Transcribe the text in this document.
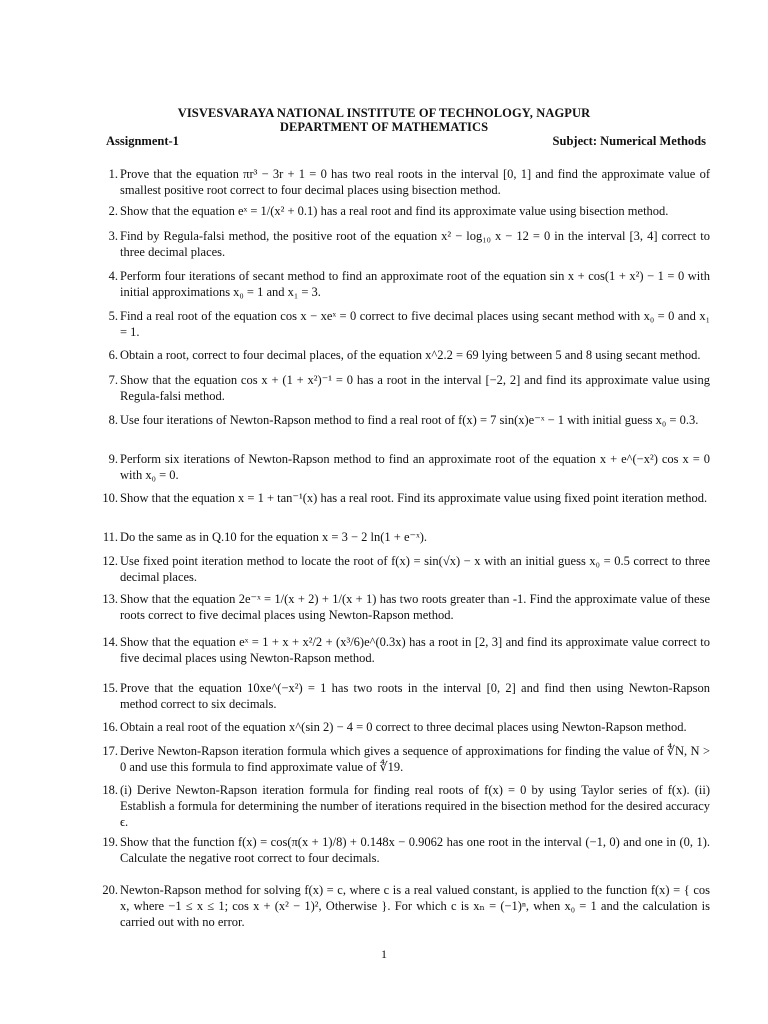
VISVESVARAYA NATIONAL INSTITUTE OF TECHNOLOGY, NAGPUR
DEPARTMENT OF MATHEMATICS
Assignment-1	Subject: Numerical Methods
1. Prove that the equation πr³ − 3r + 1 = 0 has two real roots in the interval [0, 1] and find the approximate value of smallest positive root correct to four decimal places using bisection method.
2. Show that the equation eˣ = 1/(x² + 0.1) has a real root and find its approximate value using bisection method.
3. Find by Regula-falsi method, the positive root of the equation x² − log₁₀ x − 12 = 0 in the interval [3, 4] correct to three decimal places.
4. Perform four iterations of secant method to find an approximate root of the equation sin x + cos(1 + x²) − 1 = 0 with initial approximations x₀ = 1 and x₁ = 3.
5. Find a real root of the equation cos x − xeˣ = 0 correct to five decimal places using secant method with x₀ = 0 and x₁ = 1.
6. Obtain a root, correct to four decimal places, of the equation x^2.2 = 69 lying between 5 and 8 using secant method.
7. Show that the equation cos x + (1 + x²)⁻¹ = 0 has a root in the interval [−2, 2] and find its approximate value using Regula-falsi method.
8. Use four iterations of Newton-Rapson method to find a real root of f(x) = 7 sin(x)e⁻ˣ − 1 with initial guess x₀ = 0.3.
9. Perform six iterations of Newton-Rapson method to find an approximate root of the equation x + e^(−x²) cos x = 0 with x₀ = 0.
10. Show that the equation x = 1 + tan⁻¹(x) has a real root. Find its approximate value using fixed point iteration method.
11. Do the same as in Q.10 for the equation x = 3 − 2 ln(1 + e⁻ˣ).
12. Use fixed point iteration method to locate the root of f(x) = sin(√x) − x with an initial guess x₀ = 0.5 correct to three decimal places.
13. Show that the equation 2e⁻ˣ = 1/(x + 2) + 1/(x + 1) has two roots greater than -1. Find the approximate value of these roots correct to five decimal places using Newton-Rapson method.
14. Show that the equation eˣ = 1 + x + x²/2 + (x³/6)e^(0.3x) has a root in [2, 3] and find its approximate value correct to five decimal places using Newton-Rapson method.
15. Prove that the equation 10xe^(−x²) = 1 has two roots in the interval [0, 2] and find then using Newton-Rapson method correct to six decimals.
16. Obtain a real root of the equation x^(sin 2) − 4 = 0 correct to three decimal places using Newton-Rapson method.
17. Derive Newton-Rapson iteration formula which gives a sequence of approximations for finding the value of ∜N, N > 0 and use this formula to find approximate value of ∜19.
18. (i) Derive Newton-Rapson iteration formula for finding real roots of f(x) = 0 by using Taylor series of f(x). (ii) Establish a formula for determining the number of iterations required in the bisection method for the desired accuracy ϵ.
19. Show that the function f(x) = cos(π(x + 1)/8) + 0.148x − 0.9062 has one root in the interval (−1, 0) and one in (0, 1). Calculate the negative root correct to four decimals.
20. Newton-Rapson method for solving f(x) = c, where c is a real valued constant, is applied to the function f(x) = { cos x, where −1 ≤ x ≤ 1; cos x + (x² − 1)², Otherwise }. For which c is xₙ = (−1)ⁿ, when x₀ = 1 and the calculation is carried out with no error.
1
